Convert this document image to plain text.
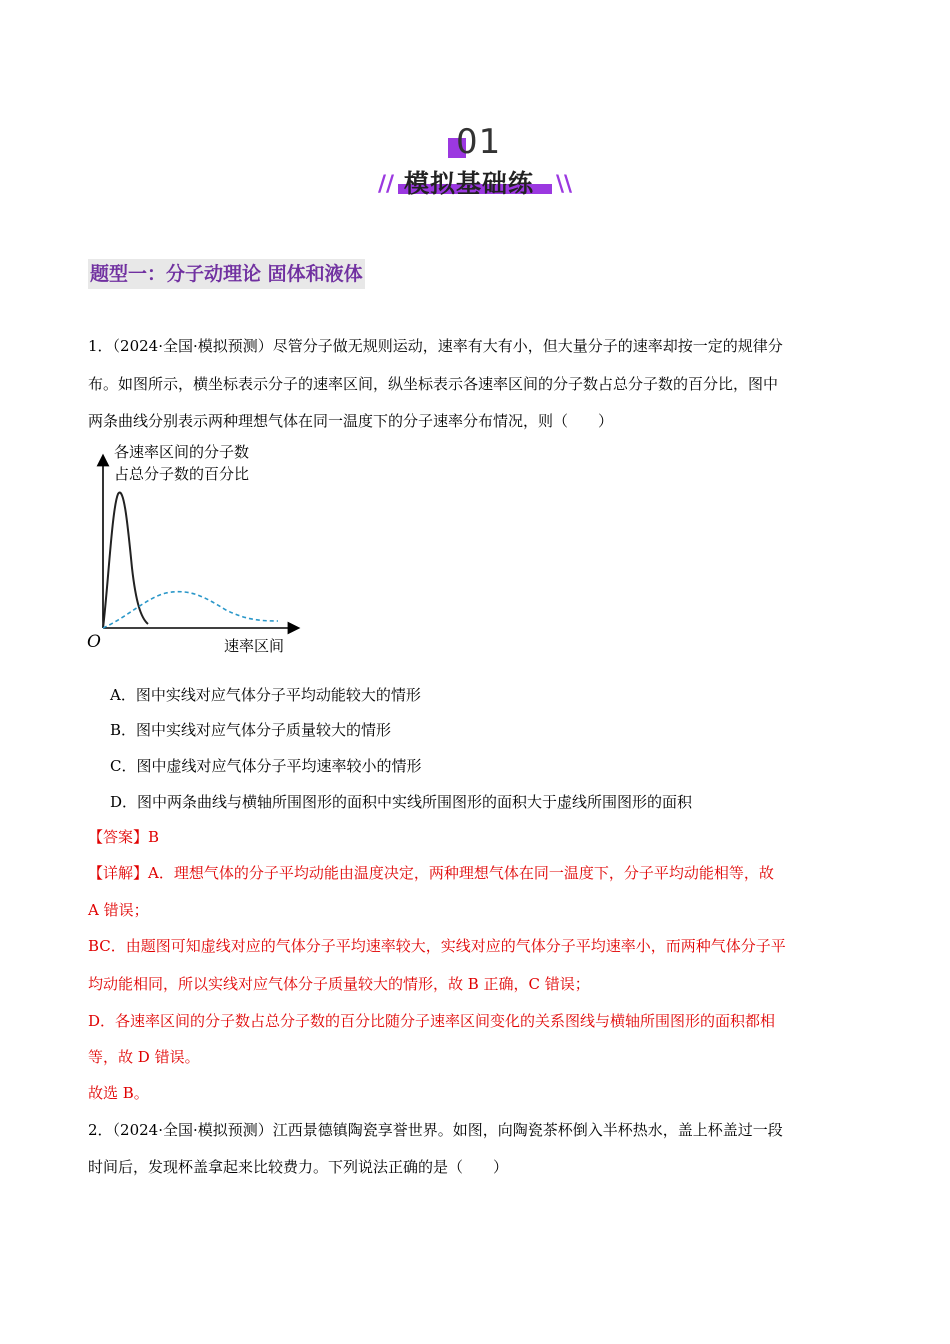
01
// 模拟基础练 \\
题型一：分子动理论 固体和液体
1．（2024·全国·模拟预测）尽管分子做无规则运动，速率有大有小，但大量分子的速率却按一定的规律分
布。如图所示，横坐标表示分子的速率区间，纵坐标表示各速率区间的分子数占总分子数的百分比，图中
两条曲线分别表示两种理想气体在同一温度下的分子速率分布情况，则（　　）
各速率区间的分子数
占总分子数的百分比
O	速率区间
A．图中实线对应气体分子平均动能较大的情形
B．图中实线对应气体分子质量较大的情形
C．图中虚线对应气体分子平均速率较小的情形
D．图中两条曲线与横轴所围图形的面积中实线所围图形的面积大于虚线所围图形的面积
【答案】B
【详解】A．理想气体的分子平均动能由温度决定，两种理想气体在同一温度下，分子平均动能相等，故
A 错误；
BC．由题图可知虚线对应的气体分子平均速率较大，实线对应的气体分子平均速率小，而两种气体分子平
均动能相同，所以实线对应气体分子质量较大的情形，故 B 正确，C 错误；
D．各速率区间的分子数占总分子数的百分比随分子速率区间变化的关系图线与横轴所围图形的面积都相
等，故 D 错误。
故选 B。
2．（2024·全国·模拟预测）江西景德镇陶瓷享誉世界。如图，向陶瓷茶杯倒入半杯热水，盖上杯盖过一段
时间后，发现杯盖拿起来比较费力。下列说法正确的是（　　）
